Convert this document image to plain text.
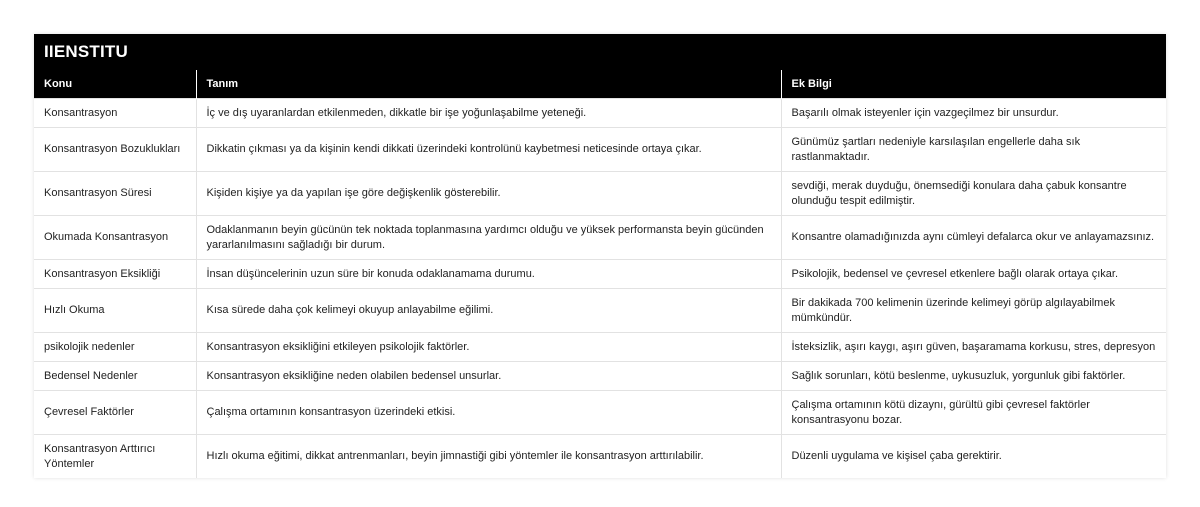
IIENSTITU
Konu	Tanım	Ek Bilgi
Konsantrasyon	İç ve dış uyaranlardan etkilenmeden, dikkatle bir işe yoğunlaşabilme yeteneği.	Başarılı olmak isteyenler için vazgeçilmez bir unsurdur.
Konsantrasyon Bozuklukları	Dikkatin çıkması ya da kişinin kendi dikkati üzerindeki kontrolünü kaybetmesi neticesinde ortaya çıkar.	Günümüz şartları nedeniyle karsılaşılan engellerle daha sık rastlanmaktadır.
Konsantrasyon Süresi	Kişiden kişiye ya da yapılan işe göre değişkenlik gösterebilir.	sevdiği, merak duyduğu, önemsediği konulara daha çabuk konsantre olunduğu tespit edilmiştir.
Okumada Konsantrasyon	Odaklanmanın beyin gücünün tek noktada toplanmasına yardımcı olduğu ve yüksek performansta beyin gücünden yararlanılmasını sağladığı bir durum.	Konsantre olamadığınızda aynı cümleyi defalarca okur ve anlayamazsınız.
Konsantrasyon Eksikliği	İnsan düşüncelerinin uzun süre bir konuda odaklanamama durumu.	Psikolojik, bedensel ve çevresel etkenlere bağlı olarak ortaya çıkar.
Hızlı Okuma	Kısa sürede daha çok kelimeyi okuyup anlayabilme eğilimi.	Bir dakikada 700 kelimenin üzerinde kelimeyi görüp algılayabilmek mümkündür.
psikolojik nedenler	Konsantrasyon eksikliğini etkileyen psikolojik faktörler.	İsteksizlik, aşırı kaygı, aşırı güven, başaramama korkusu, stres, depresyon
Bedensel Nedenler	Konsantrasyon eksikliğine neden olabilen bedensel unsurlar.	Sağlık sorunları, kötü beslenme, uykusuzluk, yorgunluk gibi faktörler.
Çevresel Faktörler	Çalışma ortamının konsantrasyon üzerindeki etkisi.	Çalışma ortamının kötü dizaynı, gürültü gibi çevresel faktörler konsantrasyonu bozar.
Konsantrasyon Arttırıcı Yöntemler	Hızlı okuma eğitimi, dikkat antrenmanları, beyin jimnastiği gibi yöntemler ile konsantrasyon arttırılabilir.	Düzenli uygulama ve kişisel çaba gerektirir.
